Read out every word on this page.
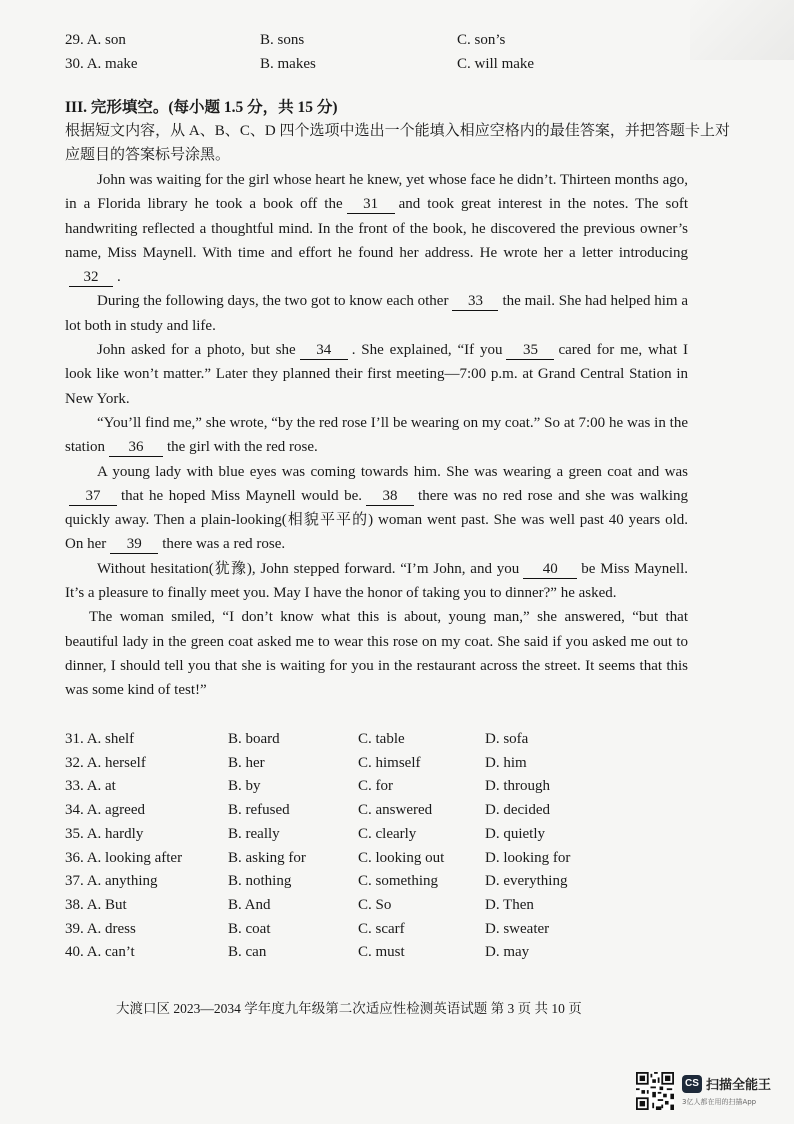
29. A. son	B. sons	C. son’s
30. A. make	B. makes	C. will make
III. 完形填空。(每小题 1.5 分，共 15 分)
根据短文内容，从 A、B、C、D 四个选项中选出一个能填入相应空格内的最佳答案，并把答题卡上对应题目的答案标号涂黑。

John was waiting for the girl whose heart he knew, yet whose face he didn’t. Thirteen months ago, in a Florida library he took a book off the 31 and took great interest in the notes. The soft handwriting reflected a thoughtful mind. In the front of the book, he discovered the previous owner’s name, Miss Maynell. With time and effort he found her address. He wrote her a letter introducing32 .

During the following days, the two got to know each other 33 the mail. She had helped him a lot both in study and life.

John asked for a photo, but she 34 . She explained, “If you 35 cared for me, what I look like won’t matter.” Later they planned their first meeting—7:00 p.m. at Grand Central Station in New York.

“You’ll find me,” she wrote, “by the red rose I’ll be wearing on my coat.” So at 7:00 he was in the station 36 the girl with the red rose.

A young lady with blue eyes was coming towards him. She was wearing a green coat and was37 that he hoped Miss Maynell would be. 38 there was no red rose and she was walking quickly away. Then a plain-looking(相貌平平的) woman went past. She was well past 40 years old. On her 39 there was a red rose.

Without hesitation(犹豫), John stepped forward. “I’m John, and you 40 be Miss Maynell. It’s a pleasure to finally meet you. May I have the honor of taking you to dinner?” he asked.

The woman smiled, “I don’t know what this is about, young man,” she answered, “but that beautiful lady in the green coat asked me to wear this rose on my coat. She said if you asked me out to dinner, I should tell you that she is waiting for you in the restaurant across the street. It seems that this was some kind of test!”

31. A. shelf	B. board	C. table	D. sofa
32. A. herself	B. her	C. himself	D. him
33. A. at	B. by	C. for	D. through
34. A. agreed	B. refused	C. answered	D. decided
35. A. hardly	B. really	C. clearly	D. quietly
36. A. looking after	B. asking for	C. looking out	D. looking for
37. A. anything	B. nothing	C. something	D. everything
38. A. But	B. And	C. So	D. Then
39. A. dress	B. coat	C. scarf	D. sweater
40. A. can’t	B. can	C. must	D. may
大渡口区 2023—2034 学年度九年级第二次适应性检测英语试题 第 3 页 共 10 页
CS 扫描全能王
3亿人都在用的扫描App
